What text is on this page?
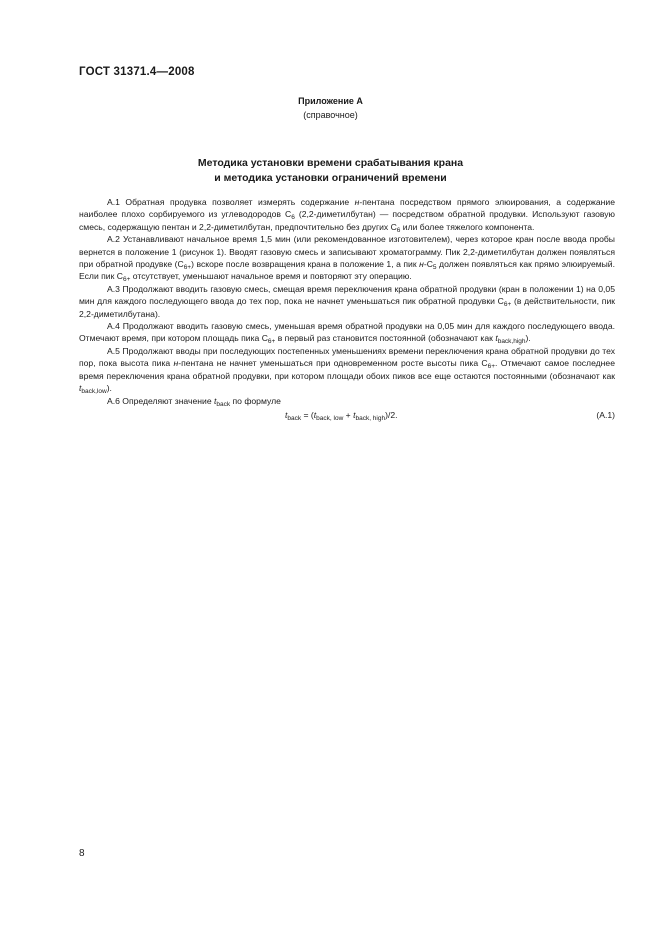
ГОСТ 31371.4—2008
Приложение А
(справочное)
Методика установки времени срабатывания крана
и методика установки ограничений времени

А.1 Обратная продувка позволяет измерять содержание н-пентана посредством прямого элюирования, а содержание наиболее плохо сорбируемого из углеводородов $C_6$ (2,2-диметилбутан) — посредством обратной продувки. Используют газовую смесь, содержащую пентан и 2,2-диметилбутан, предпочтительно без других $C_6$ или более тяжелого компонента.

А.2 Устанавливают начальное время 1,5 мин (или рекомендованное изготовителем), через которое кран после ввода пробы вернется в положение 1 (рисунок 1). Вводят газовую смесь и записывают хроматограмму. Пик 2,2-диметилбутан должен появляться при обратной продувке $(C_{6+})$ вскоре после возвращения крана в положение 1, а пик $н-C_5$ должен появляться как прямо элюируемый. Если пик $C_{6+}$ отсутствует, уменьшают начальное время и повторяют эту операцию.

А.3 Продолжают вводить газовую смесь, смещая время переключения крана обратной продувки (кран в положении 1) на 0,05 мин для каждого последующего ввода до тех пор, пока не начнет уменьшаться пик обратной продувки $C_{6+}$ (в действительности, пик 2,2-диметилбутана).

А.4 Продолжают вводить газовую смесь, уменьшая время обратной продувки на 0,05 мин для каждого последующего ввода. Отмечают время, при котором площадь пика $C_{6+}$ в первый раз становится постоянной (обозначают как $t_{back,high}$).

А.5 Продолжают вводы при последующих постепенных уменьшениях времени переключения крана обратной продувки до тех пор, пока высота пика н-пентана не начнет уменьшаться при одновременном росте высоты пика $C_{6+}$. Отмечают самое последнее время переключения крана обратной продувки, при котором площади обоих пиков все еще остаются постоянными (обозначают как $t_{back,low}$).

А.6 Определяют значение $t_{back}$ по формуле

$t_{back} = (t_{back, low} + t_{back, high})/2$.	(А.1)
8
